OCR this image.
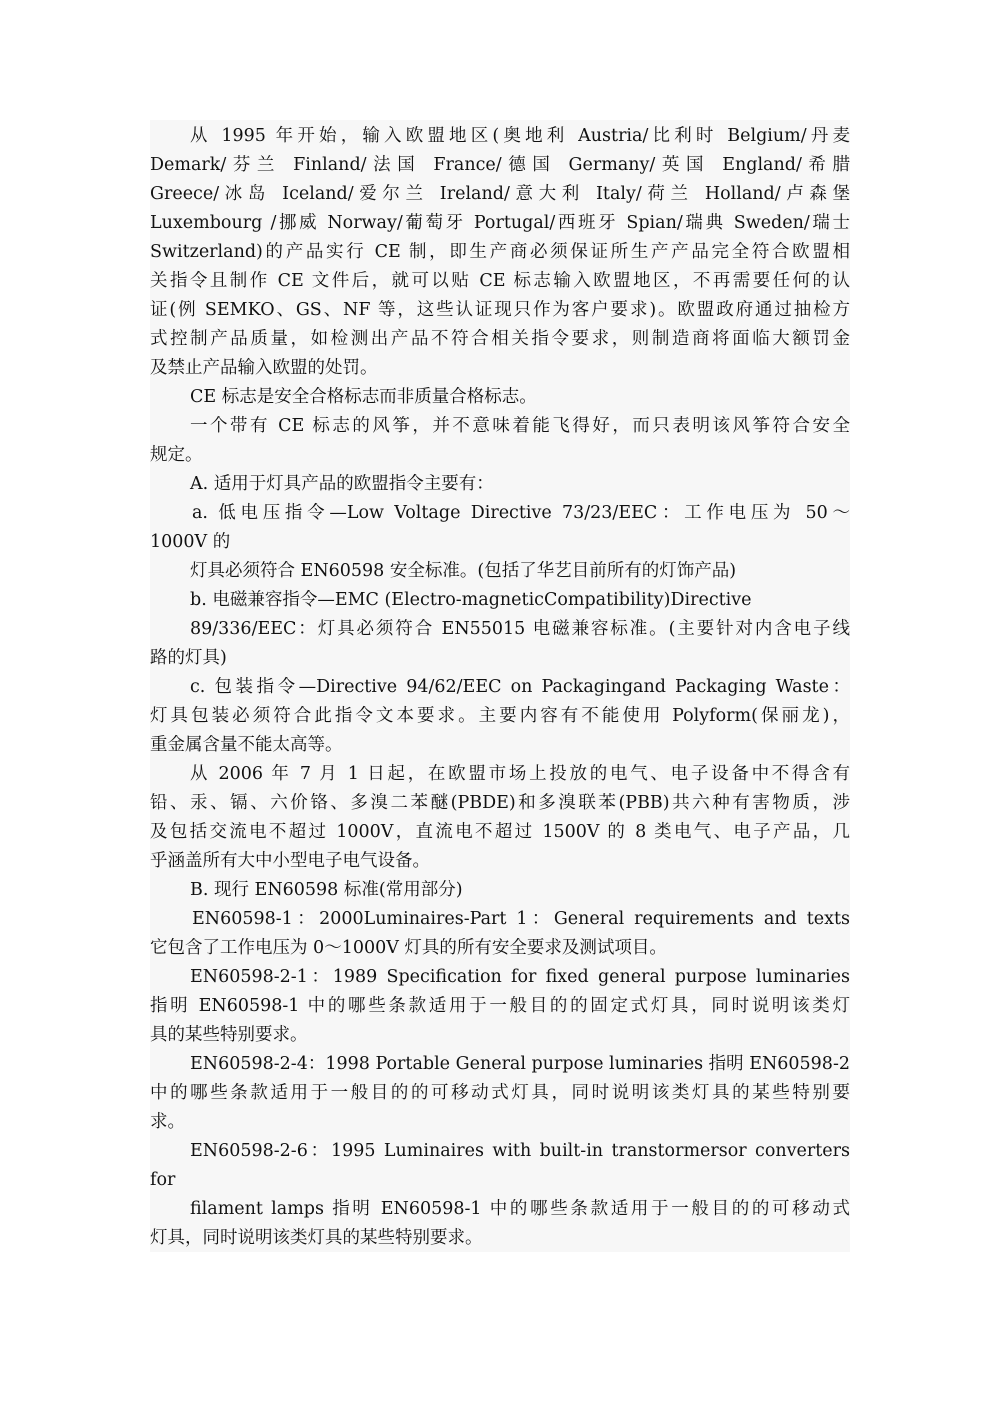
从 1995 年开始，输入欧盟地区(奥地利 Austria/比利时 Belgium/丹麦
Demark/芬兰 Finland/法国 France/德国 Germany/英国 England/希腊
Greece/冰岛 Iceland/爱尔兰 Ireland/意大利 Italy/荷兰 Holland/卢森堡
Luxembourg /挪威 Norway/葡萄牙 Portugal/西班牙 Spian/瑞典 Sweden/瑞士
Switzerland)的产品实行 CE 制，即生产商必须保证所生产产品完全符合欧盟相
关指令且制作 CE 文件后，就可以贴 CE 标志输入欧盟地区，不再需要任何的认
证(例 SEMKO、GS、NF 等，这些认证现只作为客户要求)。欧盟政府通过抽检方
式控制产品质量，如检测出产品不符合相关指令要求，则制造商将面临大额罚金
及禁止产品输入欧盟的处罚。
CE 标志是安全合格标志而非质量合格标志。
一个带有 CE 标志的风筝，并不意味着能飞得好，而只表明该风筝符合安全
规定。
A. 适用于灯具产品的欧盟指令主要有：
a. 低电压指令—Low Voltage Directive 73/23/EEC：工作电压为 50～
1000V 的
灯具必须符合 EN60598 安全标准。(包括了华艺目前所有的灯饰产品)
b. 电磁兼容指令—EMC (Electro-magneticCompatibility)Directive
89/336/EEC：灯具必须符合 EN55015 电磁兼容标准。(主要针对内含电子线
路的灯具)
c. 包装指令—Directive 94/62/EEC on Packagingand Packaging Waste：
灯具包装必须符合此指令文本要求。主要内容有不能使用 Polyform(保丽龙)，
重金属含量不能太高等。
从 2006 年 7 月 1 日起，在欧盟市场上投放的电气、电子设备中不得含有
铅、汞、镉、六价铬、多溴二苯醚(PBDE)和多溴联苯(PBB)共六种有害物质，涉
及包括交流电不超过 1000V，直流电不超过 1500V 的 8 类电气、电子产品，几
乎涵盖所有大中小型电子电气设备。
B. 现行 EN60598 标准(常用部分)
EN60598-1：2000Luminaires-Part 1：General requirements and texts
它包含了工作电压为 0～1000V 灯具的所有安全要求及测试项目。
EN60598-2-1：1989 Specification for fixed general purpose luminaries
指明 EN60598-1 中的哪些条款适用于一般目的的固定式灯具，同时说明该类灯
具的某些特别要求。
EN60598-2-4：1998 Portable General purpose luminaries 指明 EN60598-2
中的哪些条款适用于一般目的的可移动式灯具，同时说明该类灯具的某些特别要
求。
EN60598-2-6：1995 Luminaires with built-in transtormersor converters
for
filament lamps 指明 EN60598-1 中的哪些条款适用于一般目的的可移动式
灯具，同时说明该类灯具的某些特别要求。
